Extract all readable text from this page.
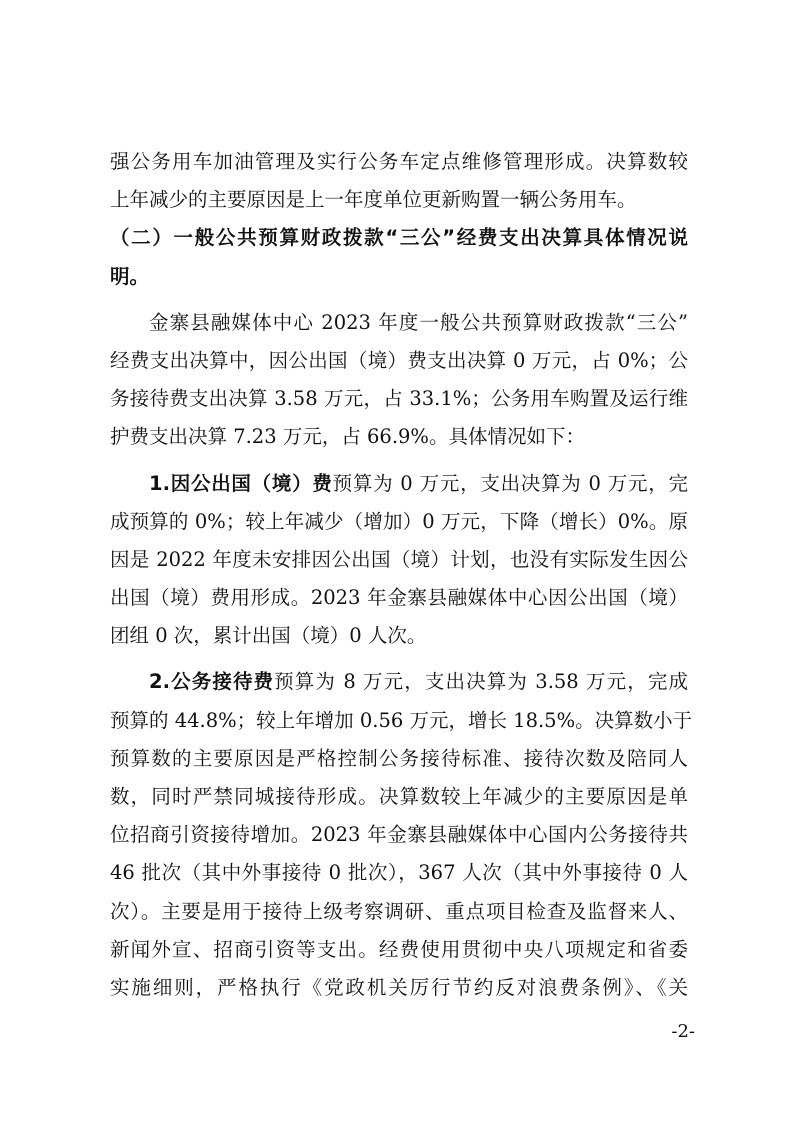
强公务用车加油管理及实行公务车定点维修管理形成。决算数较
上年减少的主要原因是上一年度单位更新购置一辆公务用车。
（二）一般公共预算财政拨款“三公”经费支出决算具体情况说
明。
金寨县融媒体中心 2023 年度一般公共预算财政拨款“三公”
经费支出决算中，因公出国（境）费支出决算 0 万元，占 0%；公
务接待费支出决算 3.58 万元，占 33.1%；公务用车购置及运行维
护费支出决算 7.23 万元，占 66.9%。具体情况如下：
1.因公出国（境）费预算为 0 万元，支出决算为 0 万元，完
成预算的 0%；较上年减少（增加）0 万元，下降（增长）0%。原
因是 2022 年度未安排因公出国（境）计划，也没有实际发生因公
出国（境）费用形成。2023 年金寨县融媒体中心因公出国（境）
团组 0 次，累计出国（境）0 人次。
2.公务接待费预算为 8 万元，支出决算为 3.58 万元，完成
预算的 44.8%；较上年增加 0.56 万元，增长 18.5%。决算数小于
预算数的主要原因是严格控制公务接待标准、接待次数及陪同人
数，同时严禁同城接待形成。决算数较上年减少的主要原因是单
位招商引资接待增加。2023 年金寨县融媒体中心国内公务接待共
46 批次（其中外事接待 0 批次），367 人次（其中外事接待 0 人
次）。主要是用于接待上级考察调研、重点项目检查及监督来人、
新闻外宣、招商引资等支出。经费使用贯彻中央八项规定和省委
实施细则，严格执行《党政机关厉行节约反对浪费条例》、《关
-2-
